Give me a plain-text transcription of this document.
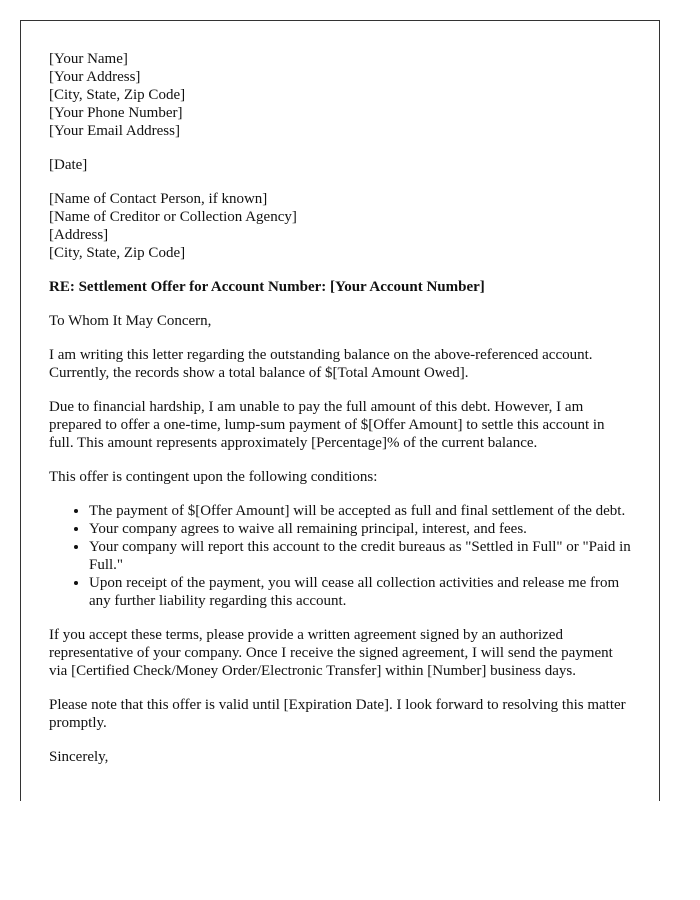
[Your Name]
[Your Address]
[City, State, Zip Code]
[Your Phone Number]
[Your Email Address]

[Date]

[Name of Contact Person, if known]
[Name of Creditor or Collection Agency]
[Address]
[City, State, Zip Code]

RE: Settlement Offer for Account Number: [Your Account Number]

To Whom It May Concern,

I am writing this letter regarding the outstanding balance on the above-referenced account. Currently, the records show a total balance of $[Total Amount Owed].

Due to financial hardship, I am unable to pay the full amount of this debt. However, I am prepared to offer a one-time, lump-sum payment of $[Offer Amount] to settle this account in full. This amount represents approximately [Percentage]% of the current balance.

This offer is contingent upon the following conditions:

• The payment of $[Offer Amount] will be accepted as full and final settlement of the debt.
• Your company agrees to waive all remaining principal, interest, and fees.
• Your company will report this account to the credit bureaus as "Settled in Full" or "Paid in Full."
• Upon receipt of the payment, you will cease all collection activities and release me from any further liability regarding this account.

If you accept these terms, please provide a written agreement signed by an authorized representative of your company. Once I receive the signed agreement, I will send the payment via [Certified Check/Money Order/Electronic Transfer] within [Number] business days.

Please note that this offer is valid until [Expiration Date]. I look forward to resolving this matter promptly.

Sincerely,
